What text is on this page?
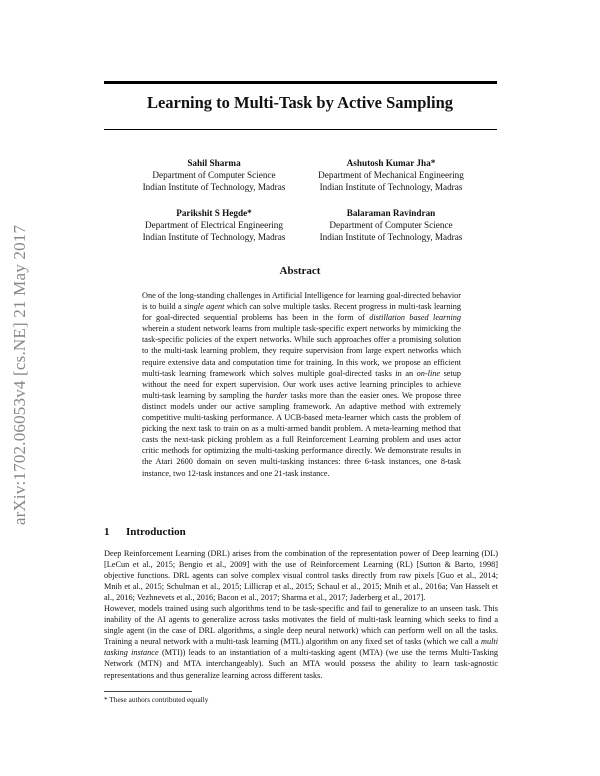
arXiv:1702.06053v4 [cs.NE] 21 May 2017
Learning to Multi-Task by Active Sampling
Sahil Sharma
Department of Computer Science
Indian Institute of Technology, Madras
Ashutosh Kumar Jha*
Department of Mechanical Engineering
Indian Institute of Technology, Madras
Parikshit S Hegde*
Department of Electrical Engineering
Indian Institute of Technology, Madras
Balaraman Ravindran
Department of Computer Science
Indian Institute of Technology, Madras
Abstract

One of the long-standing challenges in Artificial Intelligence for learning goal-directed behavior is to build a single agent which can solve multiple tasks. Recent progress in multi-task learning for goal-directed sequential problems has been in the form of distillation based learning wherein a student network learns from multiple task-specific expert networks by mimicking the task-specific policies of the expert networks. While such approaches offer a promising solution to the multi-task learning problem, they require supervision from large expert networks which require extensive data and computation time for training. In this work, we propose an efficient multi-task learning framework which solves multiple goal-directed tasks in an on-line setup without the need for expert supervision. Our work uses active learning principles to achieve multi-task learning by sampling the harder tasks more than the easier ones. We propose three distinct models under our active sampling framework. An adaptive method with extremely competitive multi-tasking performance. A UCB-based meta-learner which casts the problem of picking the next task to train on as a multi-armed bandit problem. A meta-learning method that casts the next-task picking problem as a full Reinforcement Learning problem and uses actor critic methods for optimizing the multi-tasking performance directly. We demonstrate results in the Atari 2600 domain on seven multi-tasking instances: three 6-task instances, one 8-task instance, two 12-task instances and one 21-task instance.

1 Introduction

Deep Reinforcement Learning (DRL) arises from the combination of the representation power of Deep learning (DL) [LeCun et al., 2015; Bengio et al., 2009] with the use of Reinforcement Learning (RL) [Sutton & Barto, 1998] objective functions. DRL agents can solve complex visual control tasks directly from raw pixels [Guo et al., 2014; Mnih et al., 2015; Schulman et al., 2015; Lillicrap et al., 2015; Schaul et al., 2015; Mnih et al., 2016a; Van Hasselt et al., 2016; Vezhnevets et al., 2016; Bacon et al., 2017; Sharma et al., 2017; Jaderberg et al., 2017].

However, models trained using such algorithms tend to be task-specific and fail to generalize to an unseen task. This inability of the AI agents to generalize across tasks motivates the field of multi-task learning which seeks to find a single agent (in the case of DRL algorithms, a single deep neural network) which can perform well on all the tasks. Training a neural network with a multi-task learning (MTL) algorithm on any fixed set of tasks (which we call a multi tasking instance (MTI)) leads to an instantiation of a multi-tasking agent (MTA) (we use the terms Multi-Tasking Network (MTN) and MTA interchangeably). Such an MTA would possess the ability to learn task-agnostic representations and thus generalize learning across different tasks.

* These authors contributed equally
